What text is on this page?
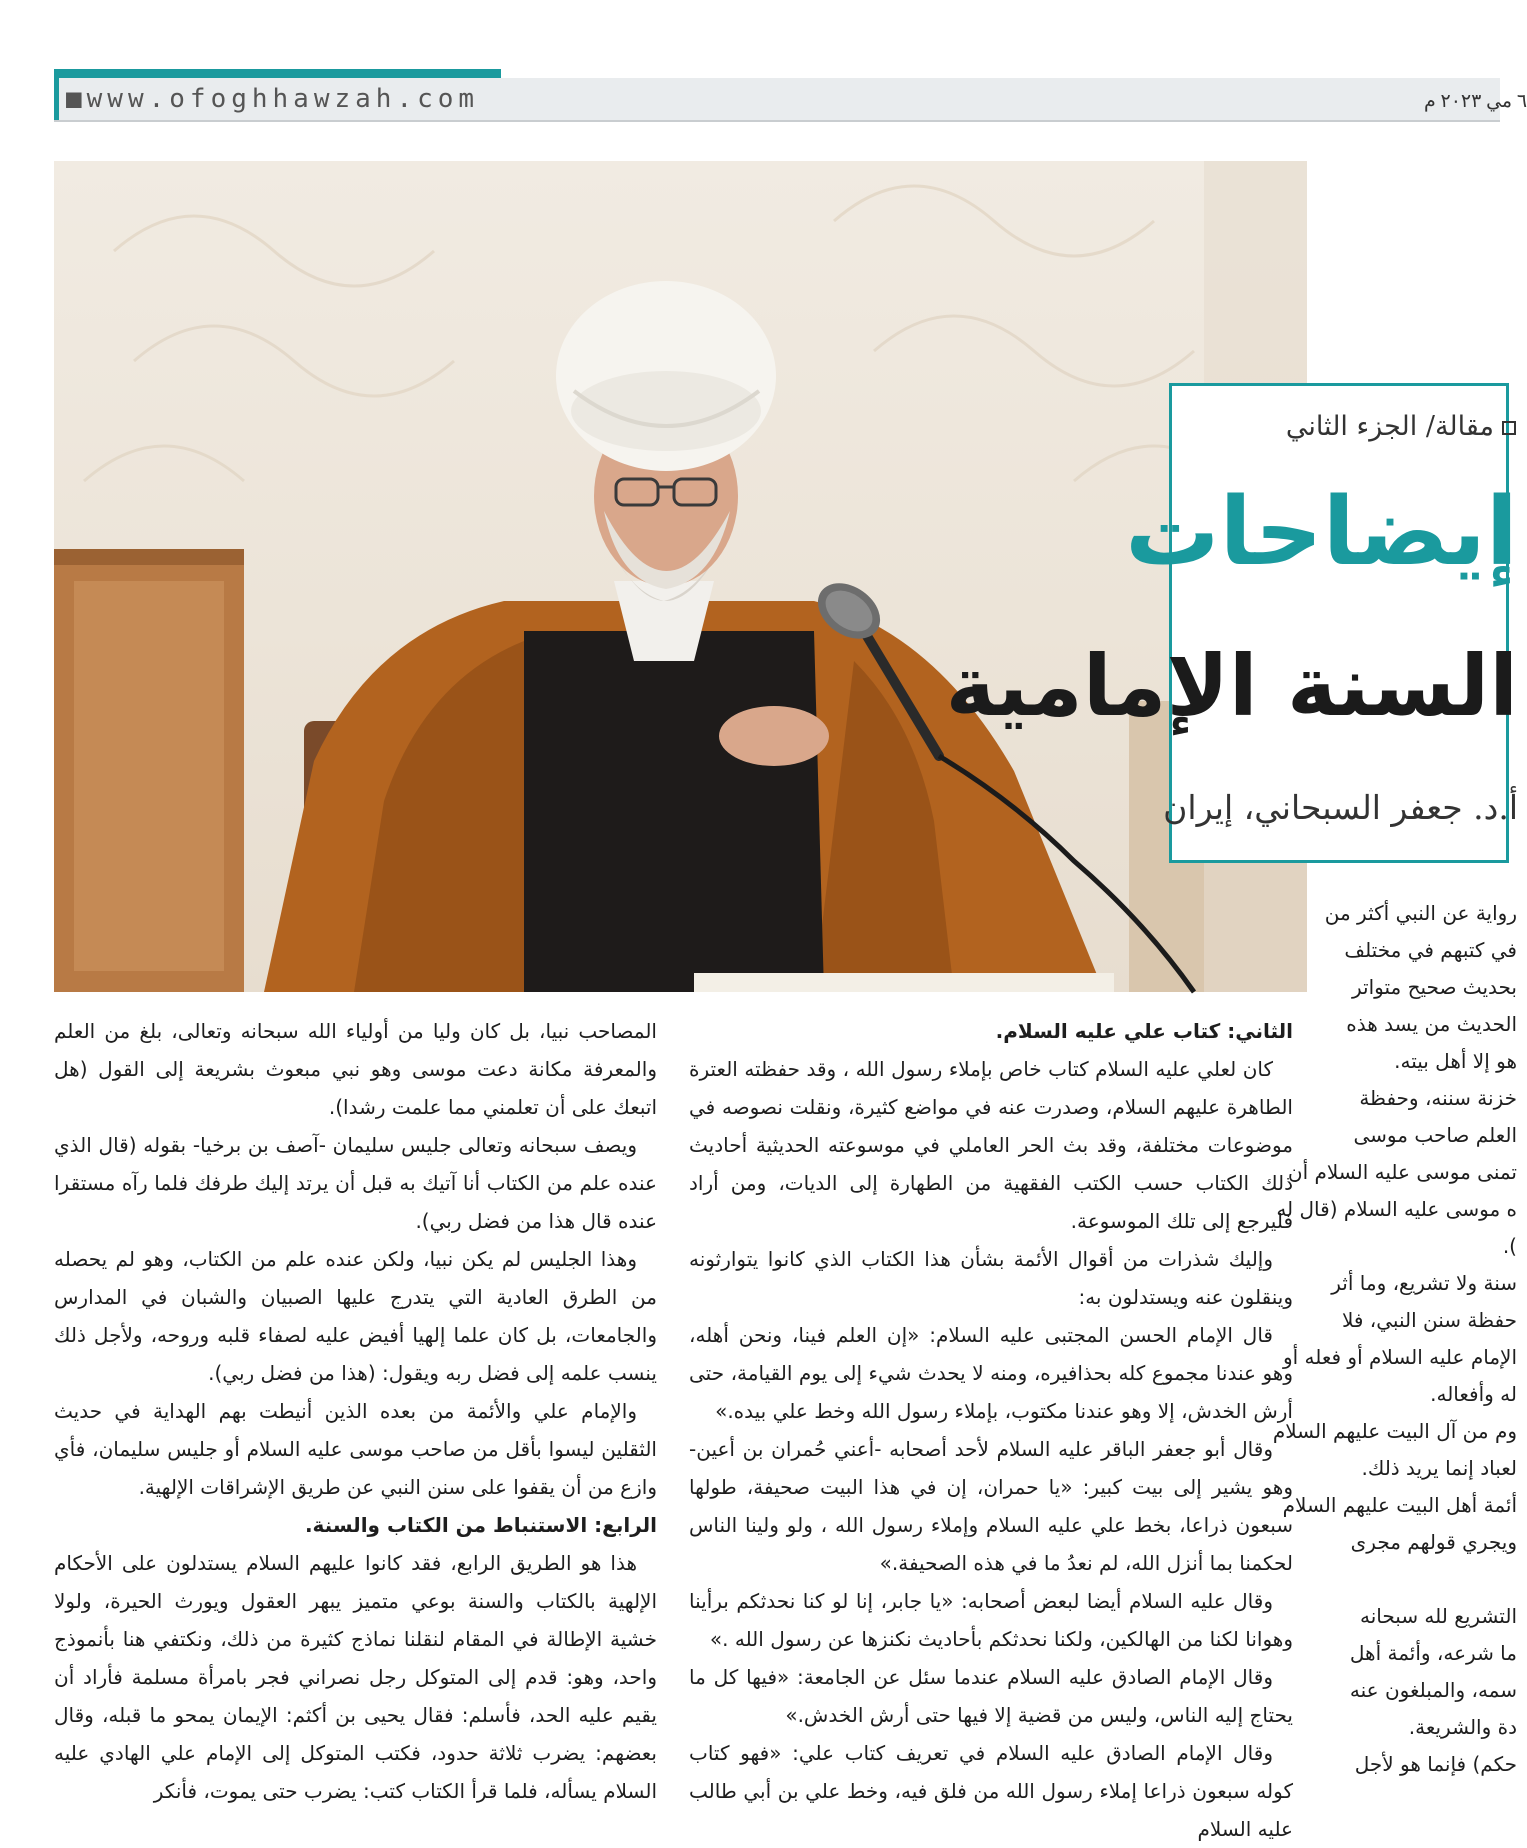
■www.ofoghhawzah.com	٦ مي ٢٠٢٣ م
مقالة/ الجزء الثاني
إيضاحات
السنة الإمامية
أ.د. جعفر السبحاني، إيران
رواية عن النبي أكثر من
في كتبهم في مختلف
بحديث صحيح متواتر
الحديث من يسد هذه
هو إلا أهل بيته.
خزنة سننه، وحفظة
العلم صاحب موسى
تمنى موسى عليه السلام أن
ه موسى عليه السلام (قال له
).
سنة ولا تشريع، وما أثر
حفظة سنن النبي، فلا
الإمام عليه السلام أو فعله أو
له وأفعاله.
وم من آل البيت عليهم السلام
لعباد إنما يريد ذلك.
أئمة أهل البيت عليهم السلام
ويجري قولهم مجرى
التشريع لله سبحانه
ما شرعه، وأئمة أهل
سمه، والمبلغون عنه
دة والشريعة.
حكم) فإنما هو لأجل

الثاني: كتاب علي عليه السلام.

كان لعلي عليه السلام كتاب خاص بإملاء رسول الله ، وقد حفظته العترة الطاهرة عليهم السلام، وصدرت عنه في مواضع كثيرة، ونقلت نصوصه في موضوعات مختلفة، وقد بث الحر العاملي في موسوعته الحديثية أحاديث ذلك الكتاب حسب الكتب الفقهية من الطهارة إلى الديات، ومن أراد فليرجع إلى تلك الموسوعة.

وإليك شذرات من أقوال الأئمة بشأن هذا الكتاب الذي كانوا يتوارثونه وينقلون عنه ويستدلون به:

قال الإمام الحسن المجتبى عليه السلام: «إن العلم فينا، ونحن أهله، وهو عندنا مجموع كله بحذافيره، ومنه لا يحدث شيء إلى يوم القيامة، حتى أرش الخدش، إلا وهو عندنا مكتوب، بإملاء رسول الله وخط علي بيده.»

وقال أبو جعفر الباقر عليه السلام لأحد أصحابه -أعني حُمران بن أعين- وهو يشير إلى بيت كبير: «يا حمران، إن في هذا البيت صحيفة، طولها سبعون ذراعا، بخط علي عليه السلام وإملاء رسول الله ، ولو ولينا الناس لحكمنا بما أنزل الله، لم نعدُ ما في هذه الصحيفة.»

وقال عليه السلام أيضا لبعض أصحابه: «يا جابر، إنا لو كنا نحدثكم برأينا وهوانا لكنا من الهالكين، ولكنا نحدثكم بأحاديث نكنزها عن رسول الله .»

وقال الإمام الصادق عليه السلام عندما سئل عن الجامعة: «فيها كل ما يحتاج إليه الناس، وليس من قضية إلا فيها حتى أرش الخدش.»

وقال الإمام الصادق عليه السلام في تعريف كتاب علي: «فهو كتاب كوله سبعون ذراعا إملاء رسول الله من فلق فيه، وخط علي بن أبي طالب عليه السلام

المصاحب نبيا، بل كان وليا من أولياء الله سبحانه وتعالى، بلغ من العلم والمعرفة مكانة دعت موسى وهو نبي مبعوث بشريعة إلى القول (هل اتبعك على أن تعلمني مما علمت رشدا).

ويصف سبحانه وتعالى جليس سليمان -آصف بن برخيا- بقوله (قال الذي عنده علم من الكتاب أنا آتيك به قبل أن يرتد إليك طرفك فلما رآه مستقرا عنده قال هذا من فضل ربي).

وهذا الجليس لم يكن نبيا، ولكن عنده علم من الكتاب، وهو لم يحصله من الطرق العادية التي يتدرج عليها الصبيان والشبان في المدارس والجامعات، بل كان علما إلهيا أفيض عليه لصفاء قلبه وروحه، ولأجل ذلك ينسب علمه إلى فضل ربه ويقول: (هذا من فضل ربي).

والإمام علي والأئمة من بعده الذين أنيطت بهم الهداية في حديث الثقلين ليسوا بأقل من صاحب موسى عليه السلام أو جليس سليمان، فأي وازع من أن يقفوا على سنن النبي عن طريق الإشراقات الإلهية.

الرابع: الاستنباط من الكتاب والسنة.

هذا هو الطريق الرابع، فقد كانوا عليهم السلام يستدلون على الأحكام الإلهية بالكتاب والسنة بوعي متميز يبهر العقول ويورث الحيرة، ولولا خشية الإطالة في المقام لنقلنا نماذج كثيرة من ذلك، ونكتفي هنا بأنموذج واحد، وهو: قدم إلى المتوكل رجل نصراني فجر بامرأة مسلمة فأراد أن يقيم عليه الحد، فأسلم: فقال يحيى بن أكثم: الإيمان يمحو ما قبله، وقال بعضهم: يضرب ثلاثة حدود، فكتب المتوكل إلى الإمام علي الهادي عليه السلام يسأله، فلما قرأ الكتاب كتب: يضرب حتى يموت، فأنكر
